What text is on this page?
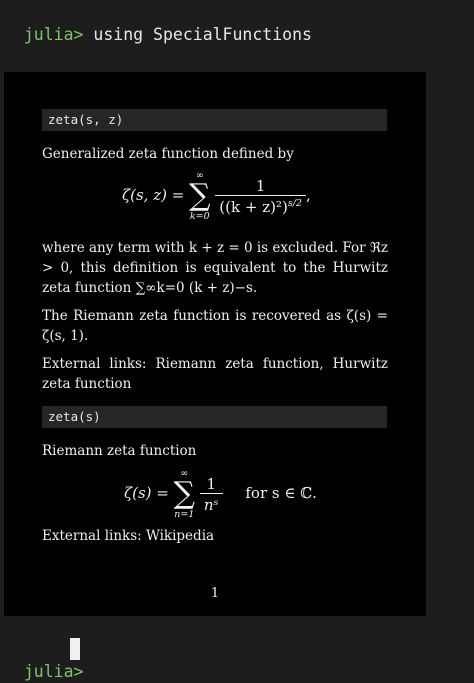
julia> using SpecialFunctions

zeta(s, z)

Generalized zeta function defined by

ζ(s, z) =
∞
∑
k=0

$\frac{1}{((k + z)^2)^{s/2}}$ ,

where any term with k + z = 0 is excluded. For ℜz > 0, this definition is equivalent to the Hurwitz zeta function ∑∞k=0 (k + z)−s.

The Riemann zeta function is recovered as ζ(s) = ζ(s, 1).

External links: Riemann zeta function, Hurwitz zeta function

zeta(s)

Riemann zeta function

ζ(s) =
∞
∑
n=1

$\frac{1}{\text{nˢ}}$ for s ∈ ℂ.

External links: Wikipedia

1

julia>
